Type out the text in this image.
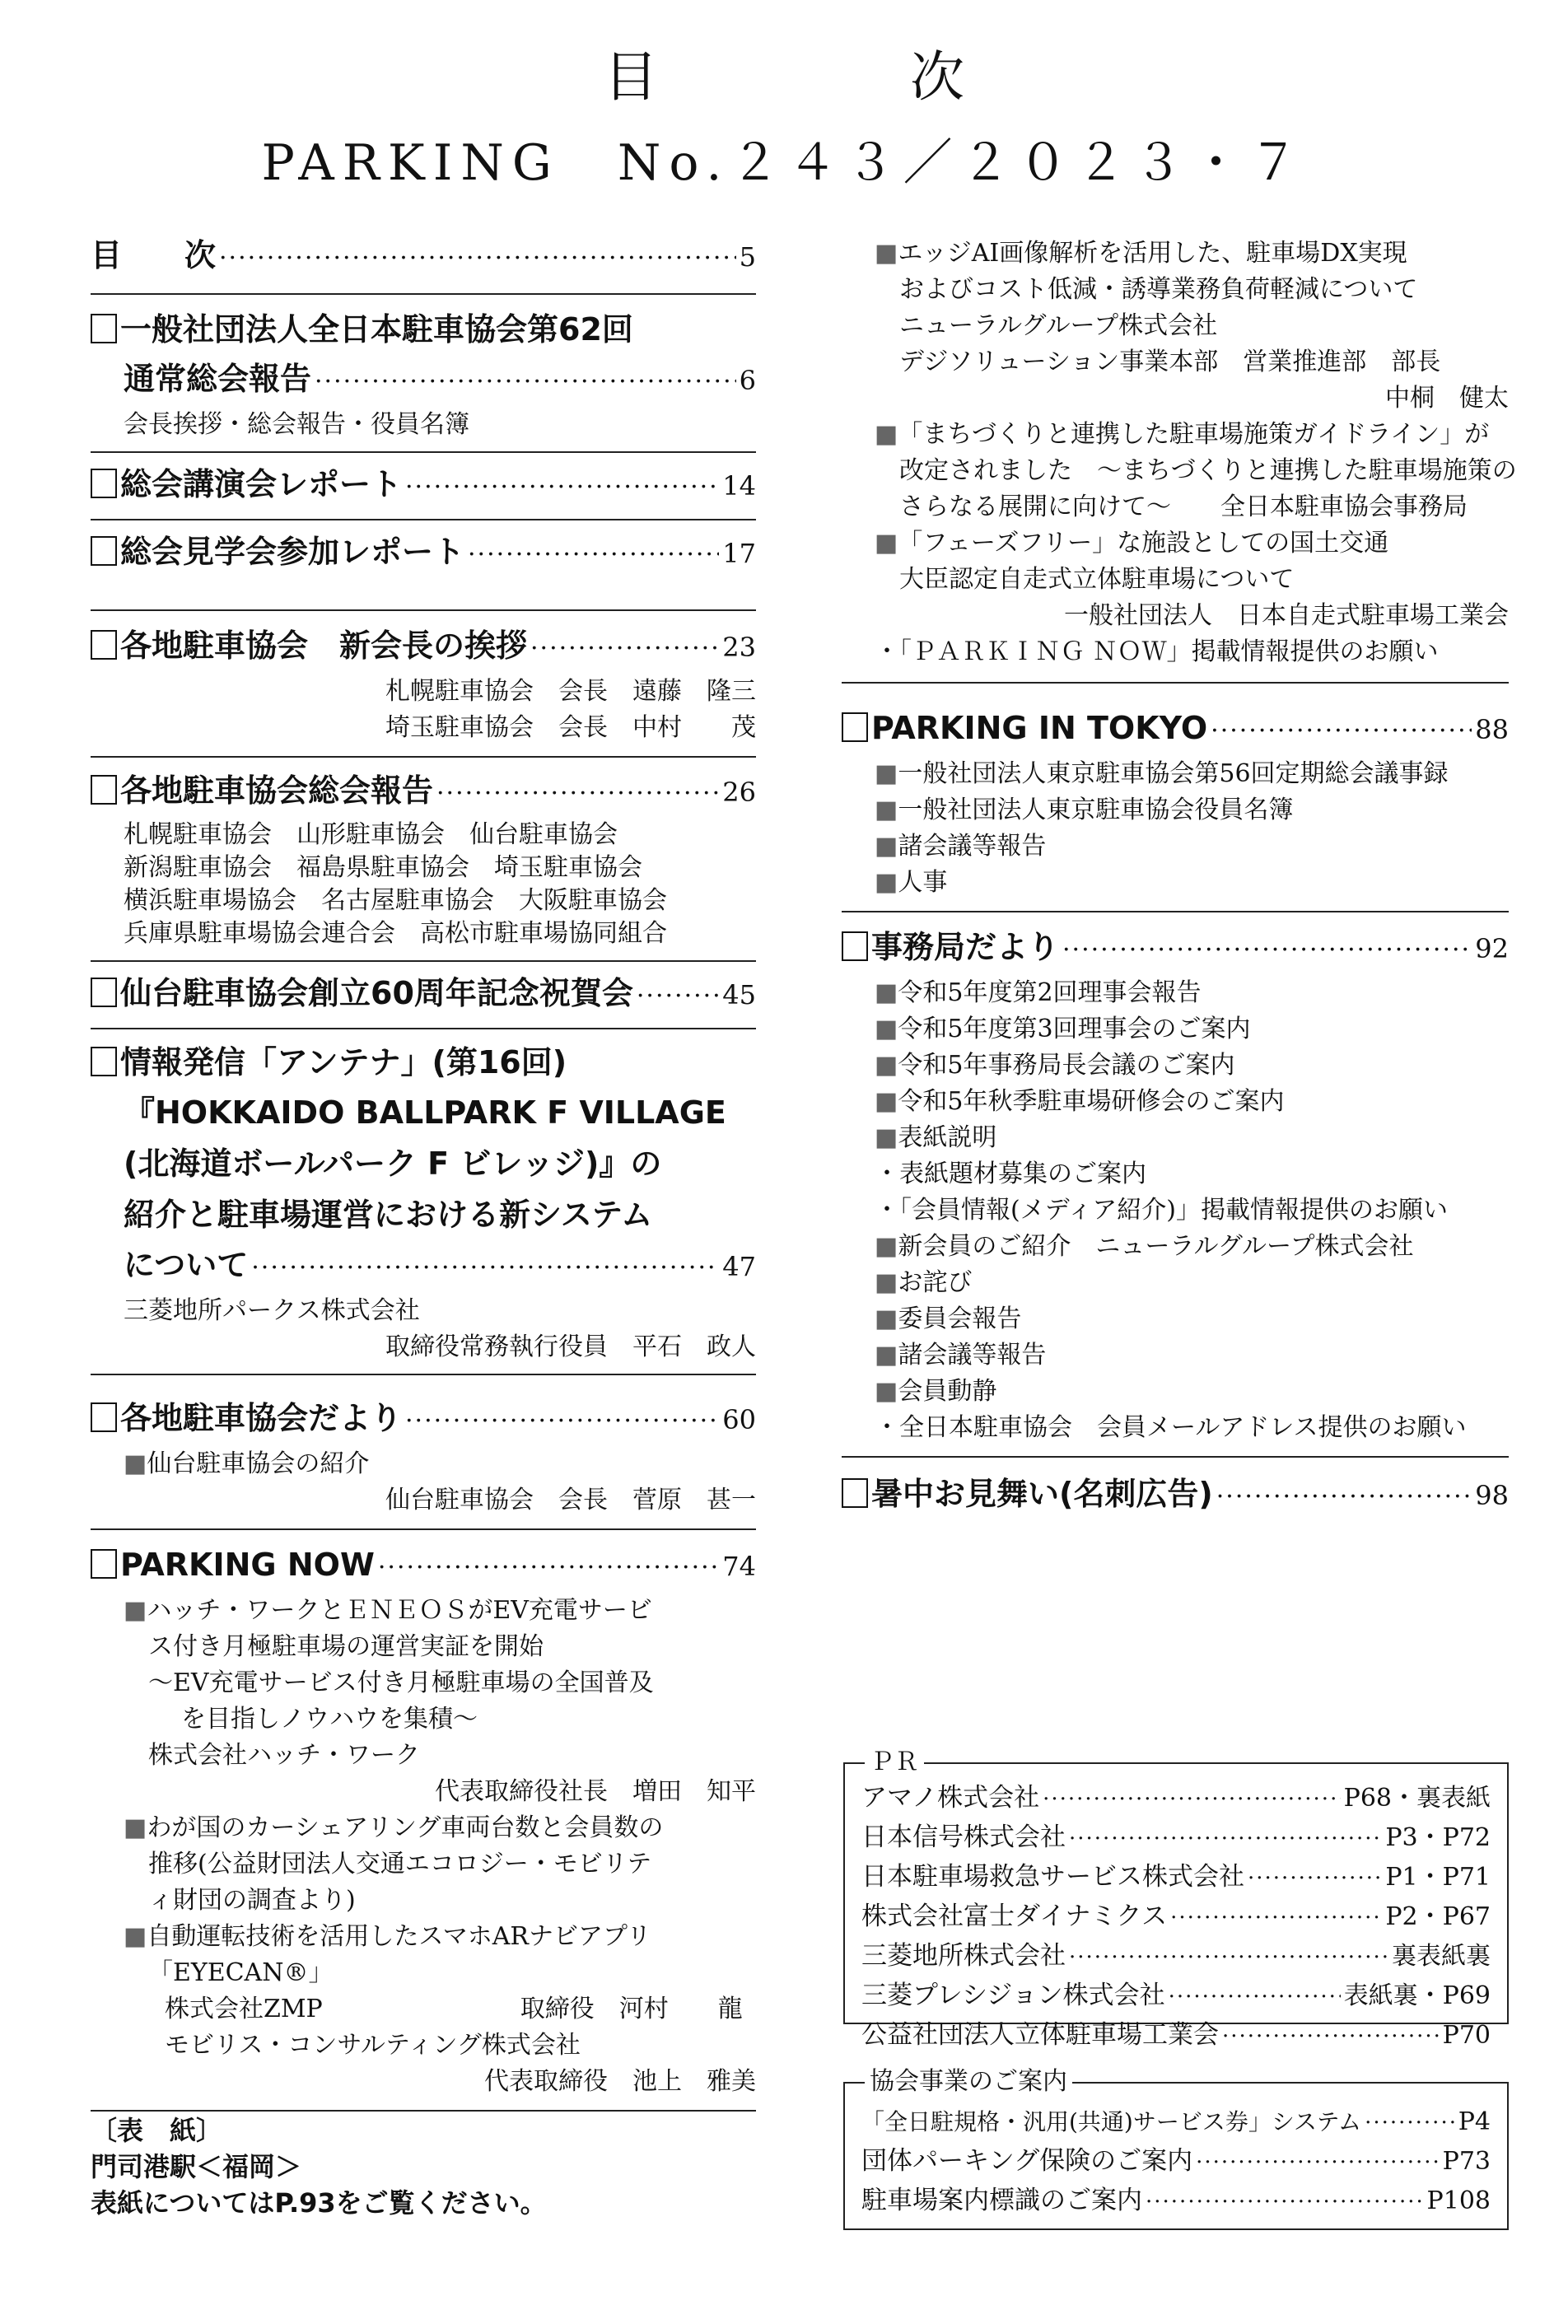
目　次
PARKING　No.２４３／２０２３・７
目　　次 ·····	5
一般社団法人全日本駐車協会第62回
通常総会報告 ·····	6
会長挨拶・総会報告・役員名簿
総会講演会レポート ·····	14
総会見学会参加レポート ·····	17
各地駐車協会　新会長の挨拶 ·····	23
札幌駐車協会　会長　遠藤　隆三
埼玉駐車協会　会長　中村　　茂
各地駐車協会総会報告 ·····	26
札幌駐車協会　山形駐車協会　仙台駐車協会
新潟駐車協会　福島県駐車協会　埼玉駐車協会
横浜駐車場協会　名古屋駐車協会　大阪駐車協会
兵庫県駐車場協会連合会　高松市駐車場協同組合
仙台駐車協会創立60周年記念祝賀会 ·····	45
情報発信「アンテナ」(第16回)
『HOKKAIDO BALLPARK F VILLAGE
(北海道ボールパーク F ビレッジ)』の
紹介と駐車場運営における新システム
について ·····	47
三菱地所パークス株式会社
取締役常務執行役員　平石　政人
各地駐車協会だより ·····	60
■ 仙台駐車協会の紹介
仙台駐車協会　会長　菅原　甚一
PARKING NOW ·····	74
■ ハッチ・ワークとＥＮＥＯＳがEV充電サービ
ス付き月極駐車場の運営実証を開始
～EV充電サービス付き月極駐車場の全国普及
を目指しノウハウを集積～
株式会社ハッチ・ワーク
代表取締役社長　増田　知平
■ わが国のカーシェアリング車両台数と会員数の
推移(公益財団法人交通エコロジー・モビリテ
ィ財団の調査より)
■ 自動運転技術を活用したスマホARナビアプリ
「EYECAN®」
株式会社ZMP　　　　　　　　取締役　河村　　龍
モビリス・コンサルティング株式会社
代表取締役　池上　雅美
〔表　紙〕
門司港駅＜福岡＞
表紙についてはP.93をご覧ください。
■ エッジAI画像解析を活用した、駐車場DX実現
およびコスト低減・誘導業務負荷軽減について
ニューラルグループ株式会社
デジソリューション事業本部　営業推進部　部長
中桐　健太
■ 「まちづくりと連携した駐車場施策ガイドライン」が
改定されました　～まちづくりと連携した駐車場施策の
さらなる展開に向けて～　　全日本駐車協会事務局
■ 「フェーズフリー」な施設としての国土交通
大臣認定自走式立体駐車場について
一般社団法人　日本自走式駐車場工業会
・「ＰＡＲＫＩＮＧ ＮＯＷ」掲載情報提供のお願い
PARKING IN TOKYO ·····	88
■ 一般社団法人東京駐車協会第56回定期総会議事録
■ 一般社団法人東京駐車協会役員名簿
■ 諸会議等報告
■ 人事
事務局だより ·····	92
■ 令和5年度第2回理事会報告
■ 令和5年度第3回理事会のご案内
■ 令和5年事務局長会議のご案内
■ 令和5年秋季駐車場研修会のご案内
■ 表紙説明
・表紙題材募集のご案内
・「会員情報(メディア紹介)」掲載情報提供のお願い
■ 新会員のご紹介　ニューラルグループ株式会社
■ お詫び
■ 委員会報告
■ 諸会議等報告
■ 会員動静
・全日本駐車協会　会員メールアドレス提供のお願い
暑中お見舞い(名刺広告) ·····	98
ＰＲ
アマノ株式会社 ·····	P68・裏表紙
日本信号株式会社 ·····	P3・P72
日本駐車場救急サービス株式会社 ·····	P1・P71
株式会社富士ダイナミクス ·····	P2・P67
三菱地所株式会社 ·····	裏表紙裏
三菱プレシジョン株式会社 ·····	表紙裏・P69
公益社団法人立体駐車場工業会 ·····	P70
協会事業のご案内
「全日駐規格・汎用(共通)サービス券」システム ·····	P4
団体パーキング保険のご案内 ·····	P73
駐車場案内標識のご案内 ·····	P108
